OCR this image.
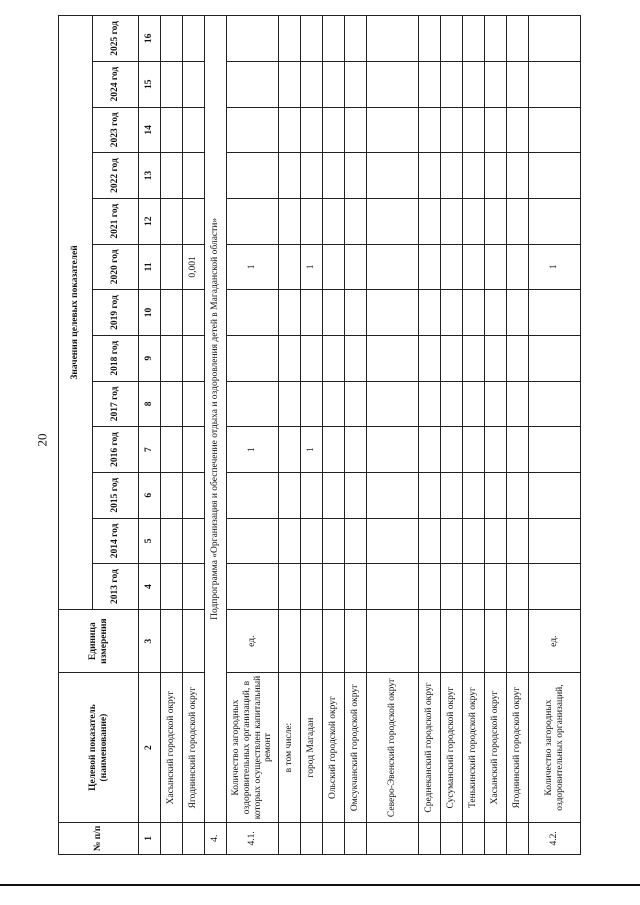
20
№ п/п	Целевой показатель (наименование)	Единица измерения	Значения целевых показателей												
			2013 год	2014 год	2015 год	2016 год	2017 год	2018 год	2019 год	2020 год	2021 год	2022 год	2023 год	2024 год	2025 год
1	2	3	4	5	6	7	8	9	10	11	12	13	14	15	16
	Хасынский городской округ														
	Ягоднинский городской округ									0,001					
4.	Подпрограмма «Организация и обеспечение отдыха и оздоровления детей в Магаданской области»														
4.1.	Количество загородных оздоровительных организаций, в которых осуществлен капитальный ремонт	ед.				1				1					
	в том числе:														
	город Магадан					1				1					
	Ольский городской округ														
	Омсукчанский городской округ														
	Северо-Эвенский городской округ														
	Среднеканский городской округ														
	Сусуманский городской округ														
	Тенькинский городской округ														
	Хасынский городской округ														
	Ягоднинский городской округ														
4.2.	Количество загородных оздоровительных организаций,	ед.								1					
